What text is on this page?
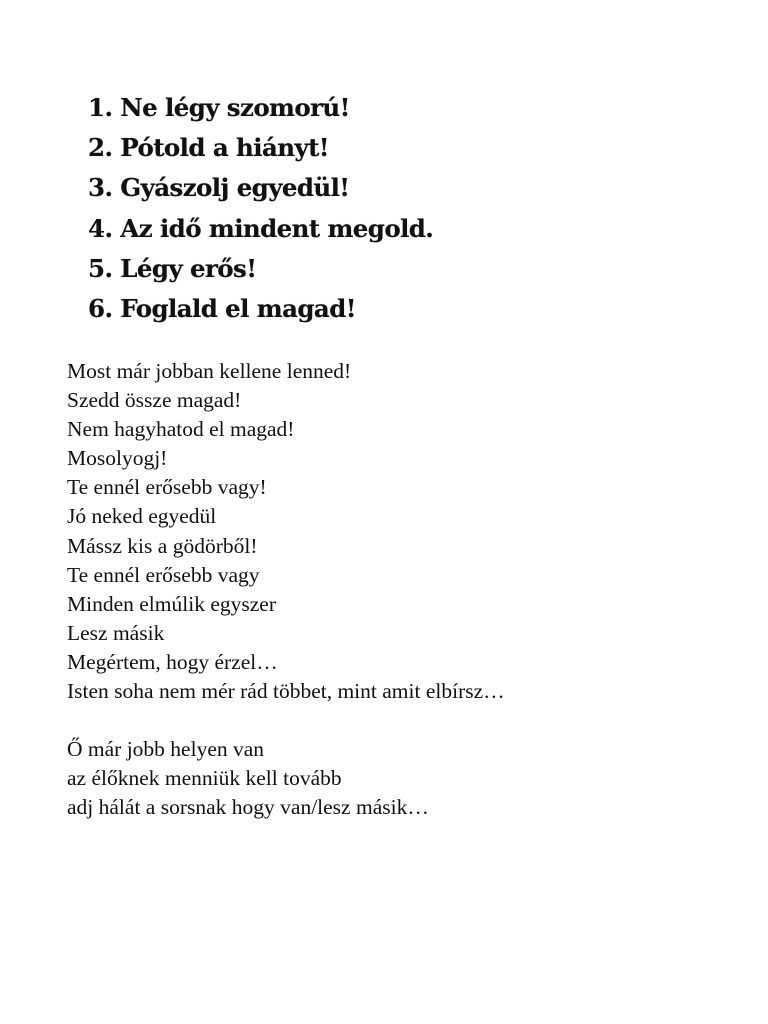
1. Ne légy szomorú!
2. Pótold a hiányt!
3. Gyászolj egyedül!
4. Az idő mindent megold.
5. Légy erős!
6. Foglald el magad!
Most már jobban kellene lenned!
Szedd össze magad!
Nem hagyhatod el magad!
Mosolyogj!
Te ennél erősebb vagy!
Jó neked egyedül
Mássz kis a gödörből!
Te ennél erősebb vagy
Minden elmúlik egyszer
Lesz másik
Megértem, hogy érzel…
Isten soha nem mér rád többet, mint amit elbírsz…
Ő már jobb helyen van
az élőknek menniük kell tovább
adj hálát a sorsnak hogy van/lesz másik…
